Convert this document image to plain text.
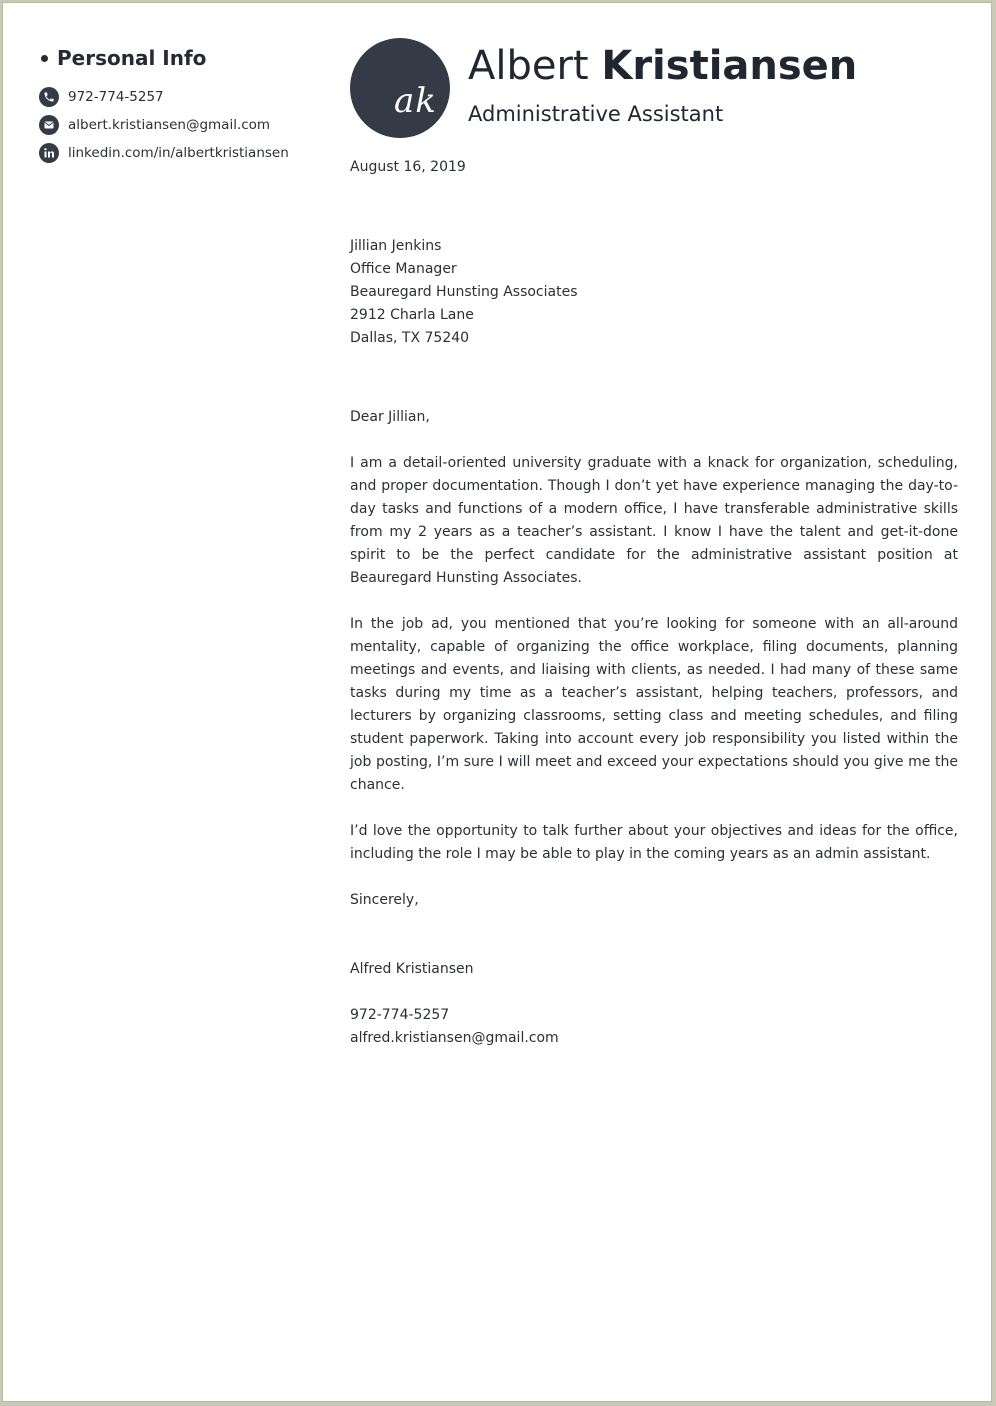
Personal Info
972-774-5257
albert.kristiansen@gmail.com
linkedin.com/in/albertkristiansen
ak
Albert Kristiansen
Administrative Assistant

August 16, 2019

Jillian Jenkins
Office Manager
Beauregard Hunsting Associates
2912 Charla Lane
Dallas, TX 75240

Dear Jillian,

I am a detail-oriented university graduate with a knack for organization, scheduling, and proper documentation. Though I don’t yet have experience managing the day-to-day tasks and functions of a modern office, I have transferable administrative skills from my 2 years as a teacher’s assistant. I know I have the talent and get-it-done spirit to be the perfect candidate for the administrative assistant position at Beauregard Hunsting Associates.

In the job ad, you mentioned that you’re looking for someone with an all-around mentality, capable of organizing the office workplace, filing documents, planning meetings and events, and liaising with clients, as needed. I had many of these same tasks during my time as a teacher’s assistant, helping teachers, professors, and lecturers by organizing classrooms, setting class and meeting schedules, and filing student paperwork. Taking into account every job responsibility you listed within the job posting, I’m sure I will meet and exceed your expectations should you give me the chance.

I’d love the opportunity to talk further about your objectives and ideas for the office, including the role I may be able to play in the coming years as an admin assistant.

Sincerely,

Alfred Kristiansen

972-774-5257
alfred.kristiansen@gmail.com
